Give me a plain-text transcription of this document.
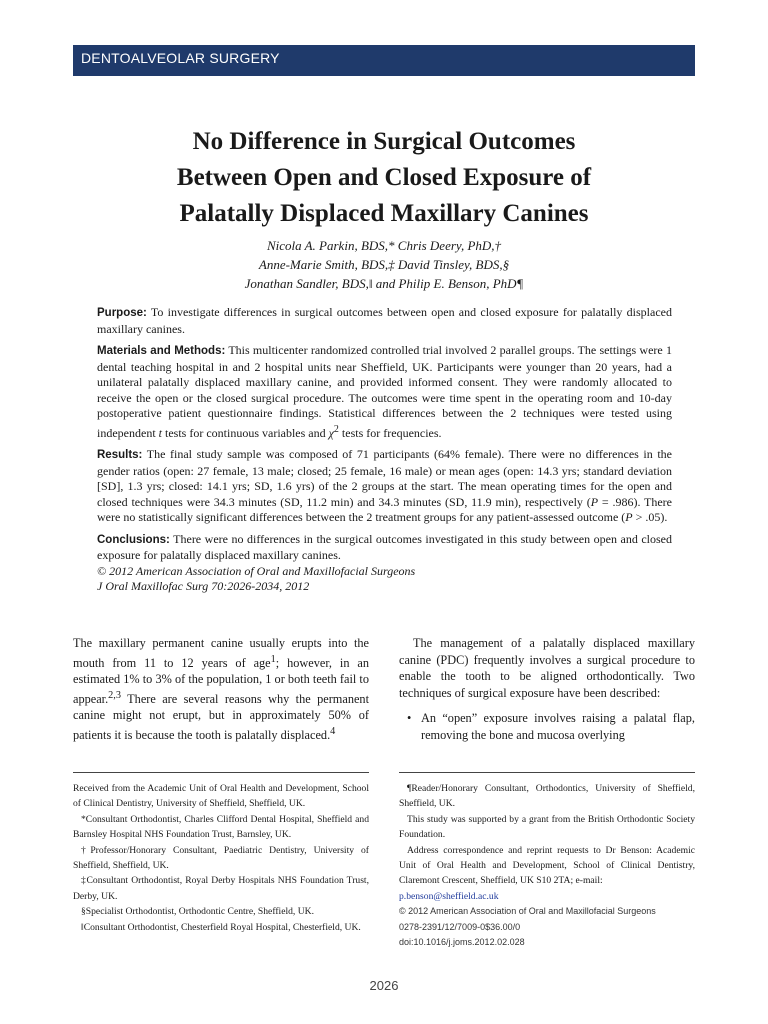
DENTOALVEOLAR SURGERY
No Difference in Surgical Outcomes
Between Open and Closed Exposure of
Palatally Displaced Maxillary Canines
Nicola A. Parkin, BDS,* Chris Deery, PhD,†
Anne-Marie Smith, BDS,‡ David Tinsley, BDS,§
Jonathan Sandler, BDS,‖ and Philip E. Benson, PhD¶

Purpose: To investigate differences in surgical outcomes between open and closed exposure for palatally displaced maxillary canines.

Materials and Methods: This multicenter randomized controlled trial involved 2 parallel groups. The settings were 1 dental teaching hospital in and 2 hospital units near Sheffield, UK. Participants were younger than 20 years, had a unilateral palatally displaced maxillary canine, and provided informed consent. They were randomly allocated to receive the open or the closed surgical procedure. The outcomes were time spent in the operating room and 10-day postoperative patient questionnaire findings. Statistical differences between the 2 techniques were tested using independent t tests for continuous variables and $\chi^2$ tests for frequencies.

Results: The final study sample was composed of 71 participants (64% female). There were no differences in the gender ratios (open: 27 female, 13 male; closed; 25 female, 16 male) or mean ages (open: 14.3 yrs; standard deviation [SD], 1.3 yrs; closed: 14.1 yrs; SD, 1.6 yrs) of the 2 groups at the start. The mean operating times for the open and closed techniques were 34.3 minutes (SD, 11.2 min) and 34.3 minutes (SD, 11.9 min), respectively (P = .986). There were no statistically significant differences between the 2 treatment groups for any patient-assessed outcome (P > .05).

Conclusions: There were no differences in the surgical outcomes investigated in this study between open and closed exposure for palatally displaced maxillary canines.

© 2012 American Association of Oral and Maxillofacial Surgeons

J Oral Maxillofac Surg 70:2026-2034, 2012

The maxillary permanent canine usually erupts into the mouth from 11 to 12 years of age$^1$; however, in an estimated 1% to 3% of the population, 1 or both teeth fail to appear.$^{2,3}$ There are several reasons why the permanent canine might not erupt, but in approximately 50% of patients it is because the tooth is palatally displaced.$^4$

The management of a palatally displaced maxillary canine (PDC) frequently involves a surgical procedure to enable the tooth to be aligned orthodontically. Two techniques of surgical exposure have been described:

• An “open” exposure involves raising a palatal flap, removing the bone and mucosa overlying

Received from the Academic Unit of Oral Health and Development, School of Clinical Dentistry, University of Sheffield, Sheffield, UK.

*Consultant Orthodontist, Charles Clifford Dental Hospital, Sheffield and Barnsley Hospital NHS Foundation Trust, Barnsley, UK.

†Professor/Honorary Consultant, Paediatric Dentistry, University of Sheffield, Sheffield, UK.

‡Consultant Orthodontist, Royal Derby Hospitals NHS Foundation Trust, Derby, UK.

§Specialist Orthodontist, Orthodontic Centre, Sheffield, UK.

‖Consultant Orthodontist, Chesterfield Royal Hospital, Chesterfield, UK.

¶Reader/Honorary Consultant, Orthodontics, University of Sheffield, Sheffield, UK.

This study was supported by a grant from the British Orthodontic Society Foundation.

Address correspondence and reprint requests to Dr Benson: Academic Unit of Oral Health and Development, School of Clinical Dentistry, Claremont Crescent, Sheffield, UK S10 2TA; e-mail:

p.benson@sheffield.ac.uk

© 2012 American Association of Oral and Maxillofacial Surgeons

0278-2391/12/7009-0$36.00/0

doi:10.1016/j.joms.2012.02.028

2026
